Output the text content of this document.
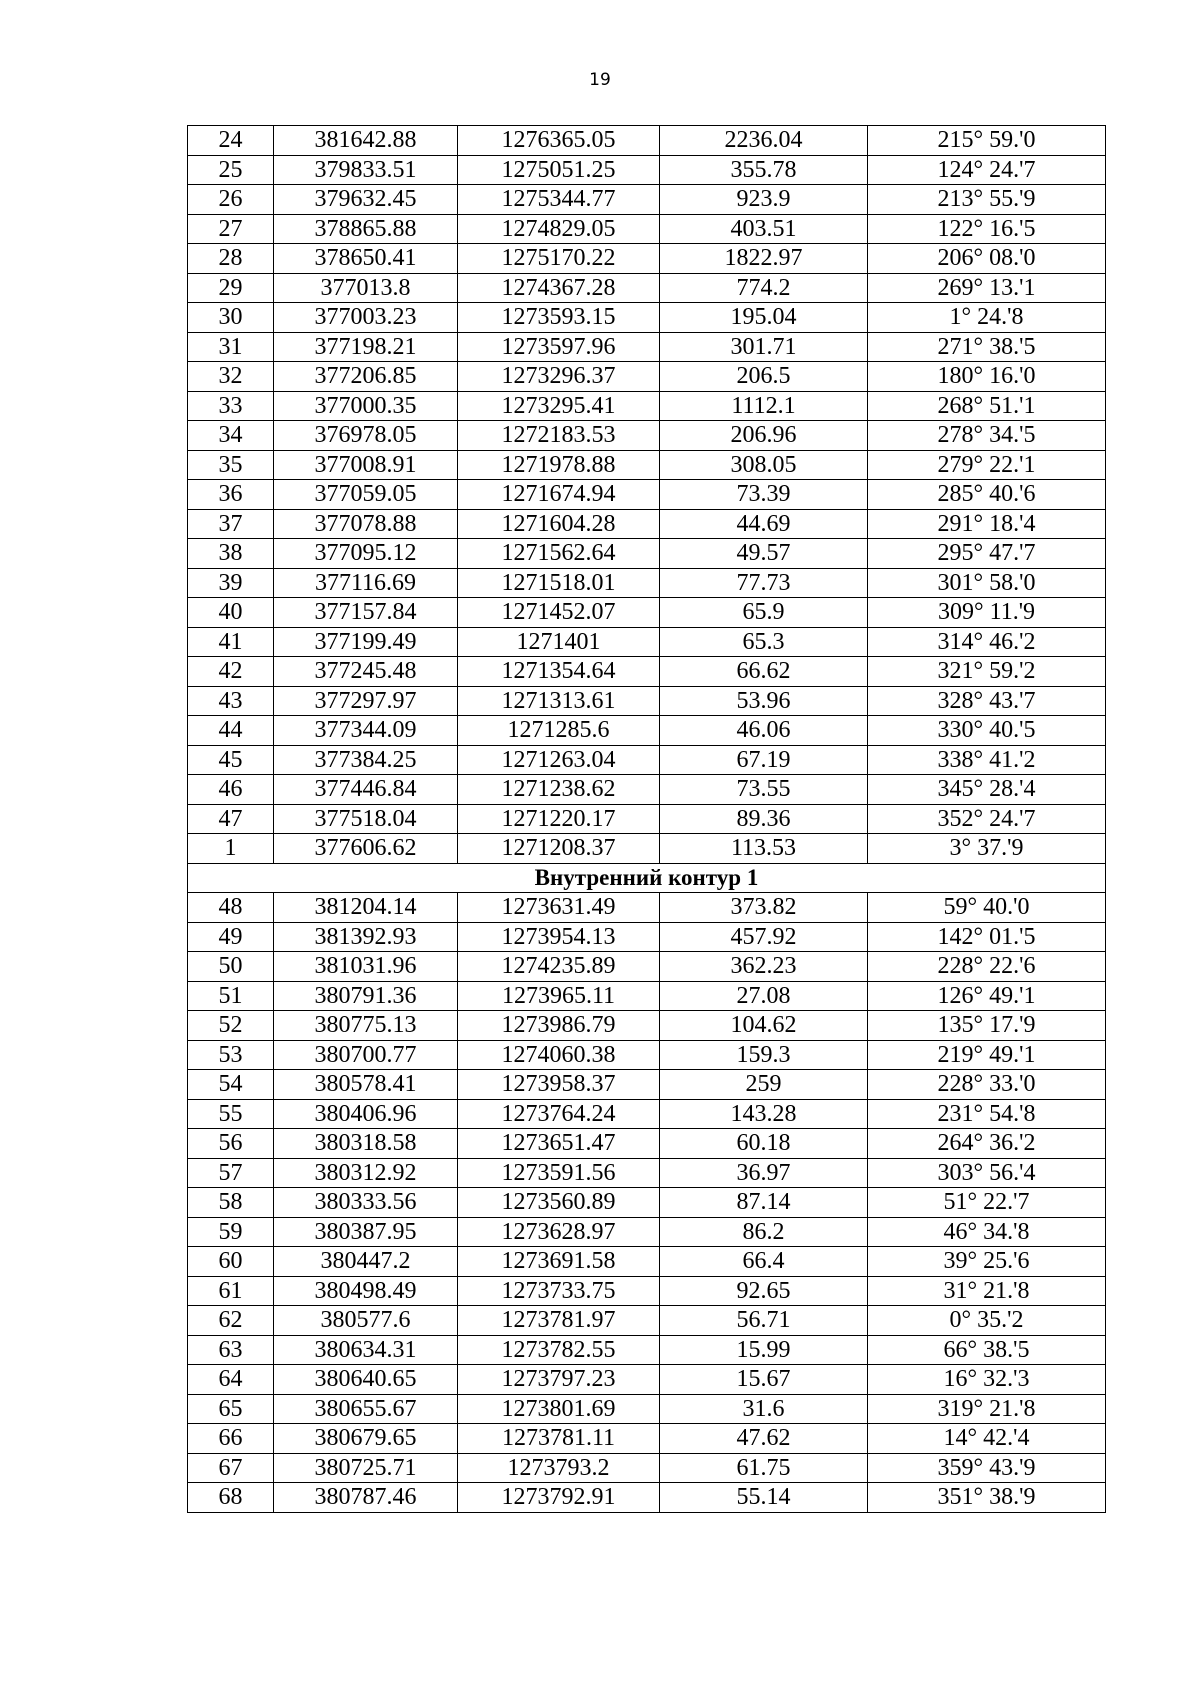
19
24	381642.88	1276365.05	2236.04	215° 59.'0
25	379833.51	1275051.25	355.78	124° 24.'7
26	379632.45	1275344.77	923.9	213° 55.'9
27	378865.88	1274829.05	403.51	122° 16.'5
28	378650.41	1275170.22	1822.97	206° 08.'0
29	377013.8	1274367.28	774.2	269° 13.'1
30	377003.23	1273593.15	195.04	1° 24.'8
31	377198.21	1273597.96	301.71	271° 38.'5
32	377206.85	1273296.37	206.5	180° 16.'0
33	377000.35	1273295.41	1112.1	268° 51.'1
34	376978.05	1272183.53	206.96	278° 34.'5
35	377008.91	1271978.88	308.05	279° 22.'1
36	377059.05	1271674.94	73.39	285° 40.'6
37	377078.88	1271604.28	44.69	291° 18.'4
38	377095.12	1271562.64	49.57	295° 47.'7
39	377116.69	1271518.01	77.73	301° 58.'0
40	377157.84	1271452.07	65.9	309° 11.'9
41	377199.49	1271401	65.3	314° 46.'2
42	377245.48	1271354.64	66.62	321° 59.'2
43	377297.97	1271313.61	53.96	328° 43.'7
44	377344.09	1271285.6	46.06	330° 40.'5
45	377384.25	1271263.04	67.19	338° 41.'2
46	377446.84	1271238.62	73.55	345° 28.'4
47	377518.04	1271220.17	89.36	352° 24.'7
1	377606.62	1271208.37	113.53	3° 37.'9
Внутренний контур 1				
48	381204.14	1273631.49	373.82	59° 40.'0
49	381392.93	1273954.13	457.92	142° 01.'5
50	381031.96	1274235.89	362.23	228° 22.'6
51	380791.36	1273965.11	27.08	126° 49.'1
52	380775.13	1273986.79	104.62	135° 17.'9
53	380700.77	1274060.38	159.3	219° 49.'1
54	380578.41	1273958.37	259	228° 33.'0
55	380406.96	1273764.24	143.28	231° 54.'8
56	380318.58	1273651.47	60.18	264° 36.'2
57	380312.92	1273591.56	36.97	303° 56.'4
58	380333.56	1273560.89	87.14	51° 22.'7
59	380387.95	1273628.97	86.2	46° 34.'8
60	380447.2	1273691.58	66.4	39° 25.'6
61	380498.49	1273733.75	92.65	31° 21.'8
62	380577.6	1273781.97	56.71	0° 35.'2
63	380634.31	1273782.55	15.99	66° 38.'5
64	380640.65	1273797.23	15.67	16° 32.'3
65	380655.67	1273801.69	31.6	319° 21.'8
66	380679.65	1273781.11	47.62	14° 42.'4
67	380725.71	1273793.2	61.75	359° 43.'9
68	380787.46	1273792.91	55.14	351° 38.'9
